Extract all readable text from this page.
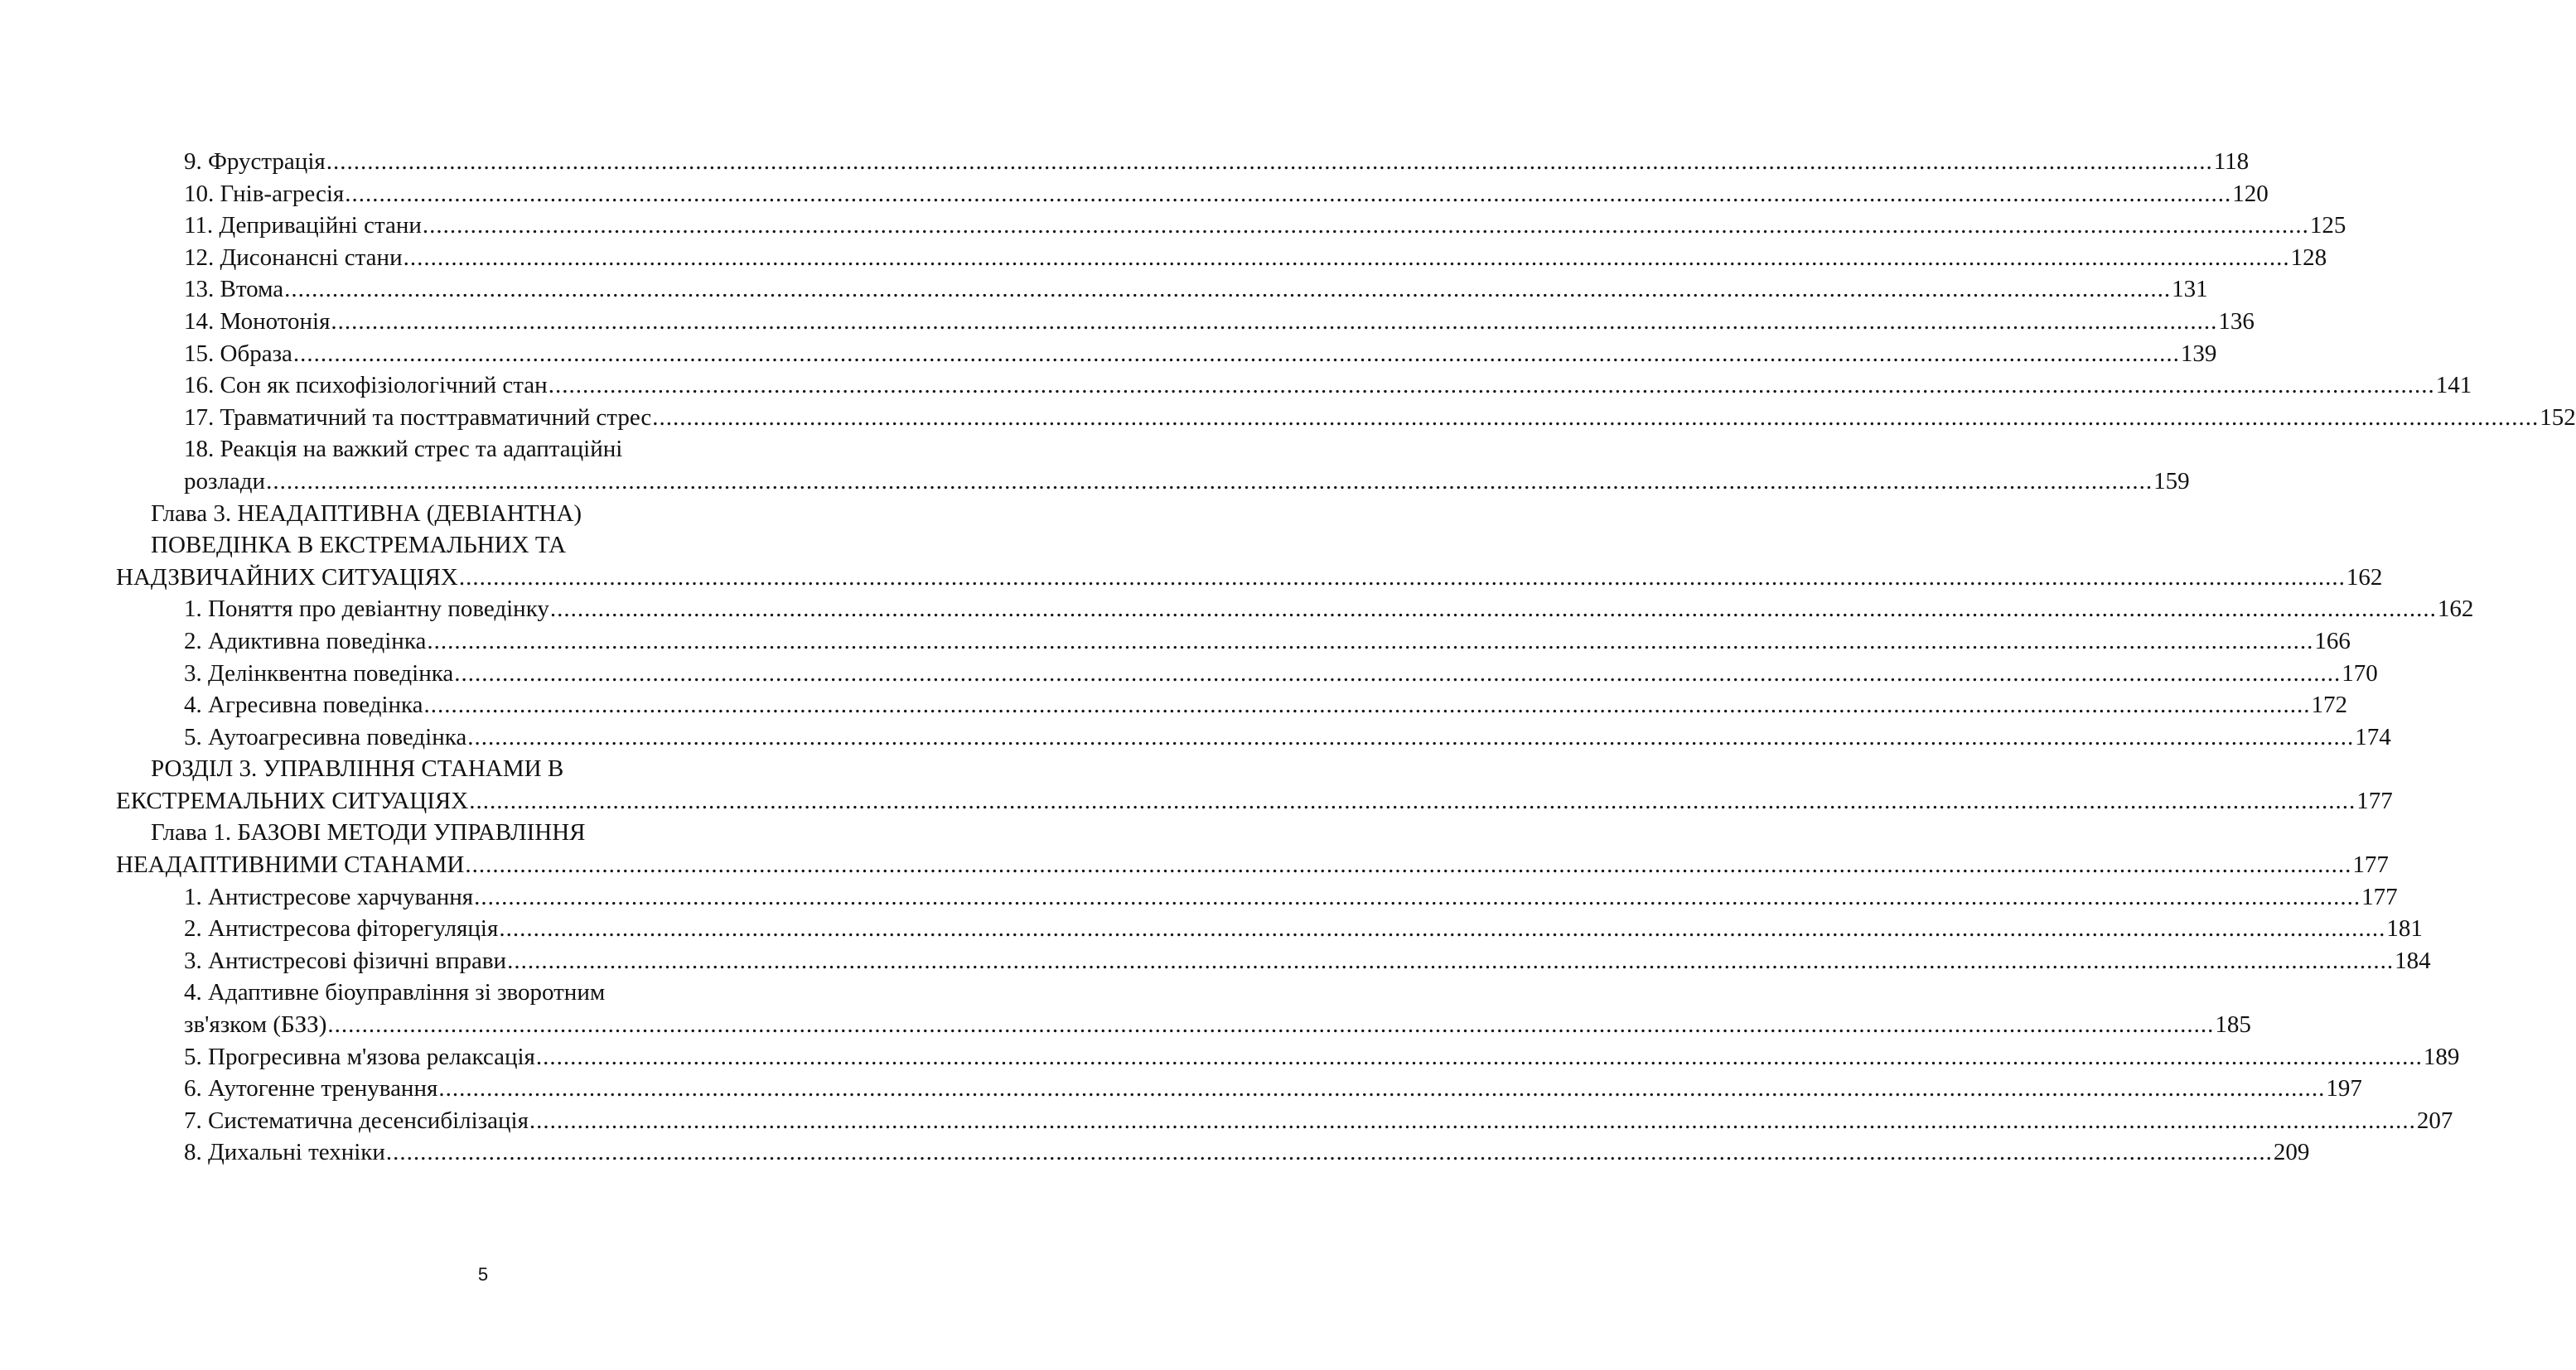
9. Фрустрація .....	118
10. Гнів-агресія .....	120
11. Деприваційні стани .....	125
12. Дисонансні стани .....	128
13. Втома .....	131
14. Монотонія .....	136
15. Образа .....	139
16. Сон як психофізіологічний стан .....	141
17. Травматичний та посттравматичний стрес .....	152
18. Реакція на важкий стрес та адаптаційні
розлади .....	159
Глава 3. НЕАДАПТИВНА (ДЕВІАНТНА)
ПОВЕДІНКА В ЕКСТРЕМАЛЬНИХ ТА
НАДЗВИЧАЙНИХ СИТУАЦІЯХ .....	162
1. Поняття про девіантну поведінку .....	162
2. Адиктивна поведінка .....	166
3. Делінквентна поведінка .....	170
4. Агресивна поведінка .....	172
5. Аутоагресивна поведінка .....	174
РОЗДІЛ 3. УПРАВЛІННЯ СТАНАМИ В
ЕКСТРЕМАЛЬНИХ СИТУАЦІЯХ .....	177
Глава 1. БАЗОВІ МЕТОДИ УПРАВЛІННЯ
НЕАДАПТИВНИМИ СТАНАМИ .....	177
1. Антистресове харчування .....	177
2. Антистресова фіторегуляція .....	181
3. Антистресові фізичні вправи .....	184
4. Адаптивне біоуправління зі зворотним
зв'язком (БЗЗ) .....	185
5. Прогресивна м'язова релаксація .....	189
6. Аутогенне тренування .....	197
7. Систематична десенсибілізація .....	207
8. Дихальні техніки .....	209
5
